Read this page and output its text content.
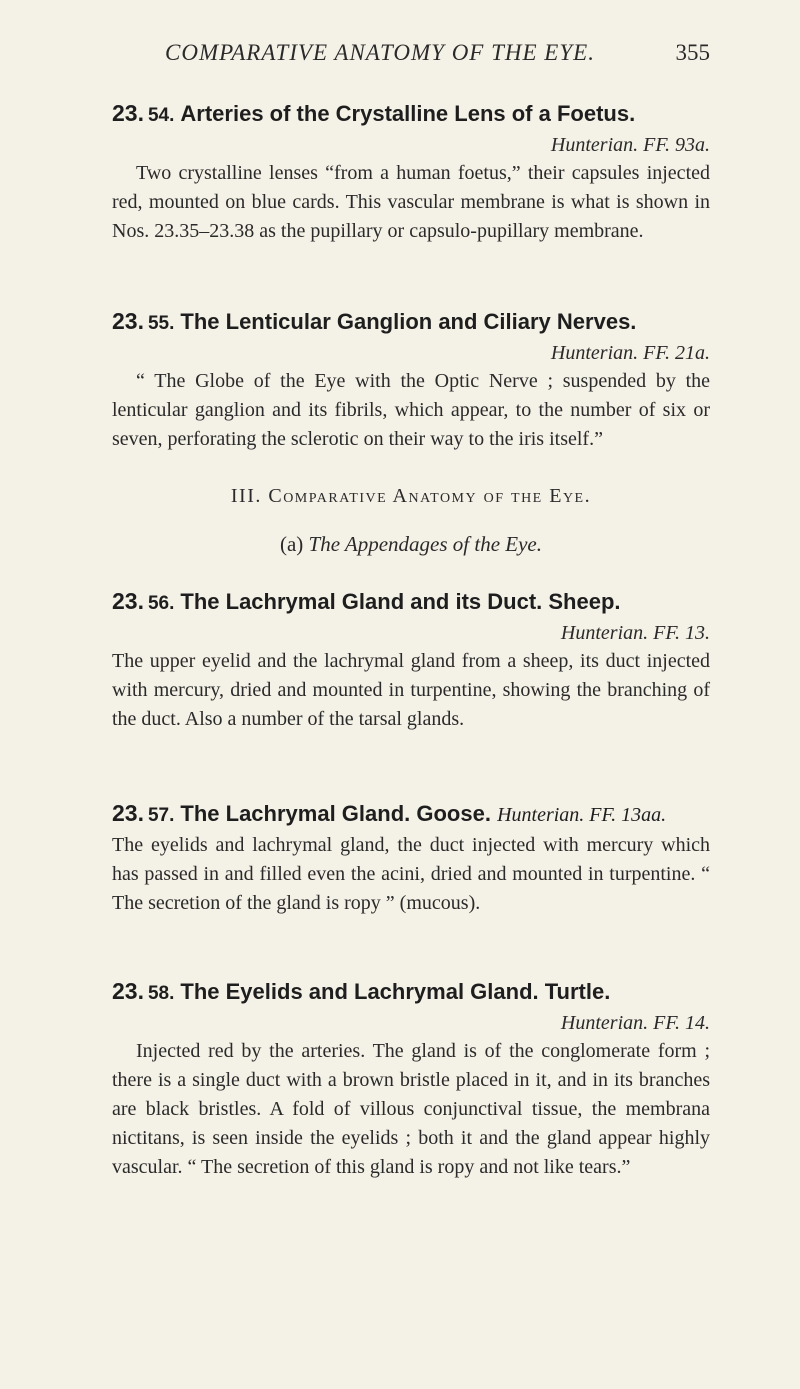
COMPARATIVE ANATOMY OF THE EYE.	355
23. 54. Arteries of the Crystalline Lens of a Foetus.
Hunterian. FF. 93a.

Two crystalline lenses “from a human foetus,” their capsules injected red, mounted on blue cards. This vascular membrane is what is shown in Nos. 23.35–23.38 as the pupillary or capsulo-pupillary membrane.

23. 55. The Lenticular Ganglion and Ciliary Nerves.
Hunterian. FF. 21a.

“ The Globe of the Eye with the Optic Nerve ; suspended by the lenticular ganglion and its fibrils, which appear, to the number of six or seven, perforating the sclerotic on their way to the iris itself.”

III. Comparative Anatomy of the Eye.
(a) The Appendages of the Eye.
23. 56. The Lachrymal Gland and its Duct. Sheep.
Hunterian. FF. 13.

The upper eyelid and the lachrymal gland from a sheep, its duct injected with mercury, dried and mounted in turpentine, showing the branching of the duct. Also a number of the tarsal glands.

23. 57. The Lachrymal Gland. Goose. Hunterian. FF. 13aa.

The eyelids and lachrymal gland, the duct injected with mercury which has passed in and filled even the acini, dried and mounted in turpentine. “ The secretion of the gland is ropy ” (mucous).

23. 58. The Eyelids and Lachrymal Gland. Turtle.
Hunterian. FF. 14.

Injected red by the arteries. The gland is of the conglomerate form ; there is a single duct with a brown bristle placed in it, and in its branches are black bristles. A fold of villous conjunctival tissue, the membrana nictitans, is seen inside the eyelids ; both it and the gland appear highly vascular. “ The secretion of this gland is ropy and not like tears.”
